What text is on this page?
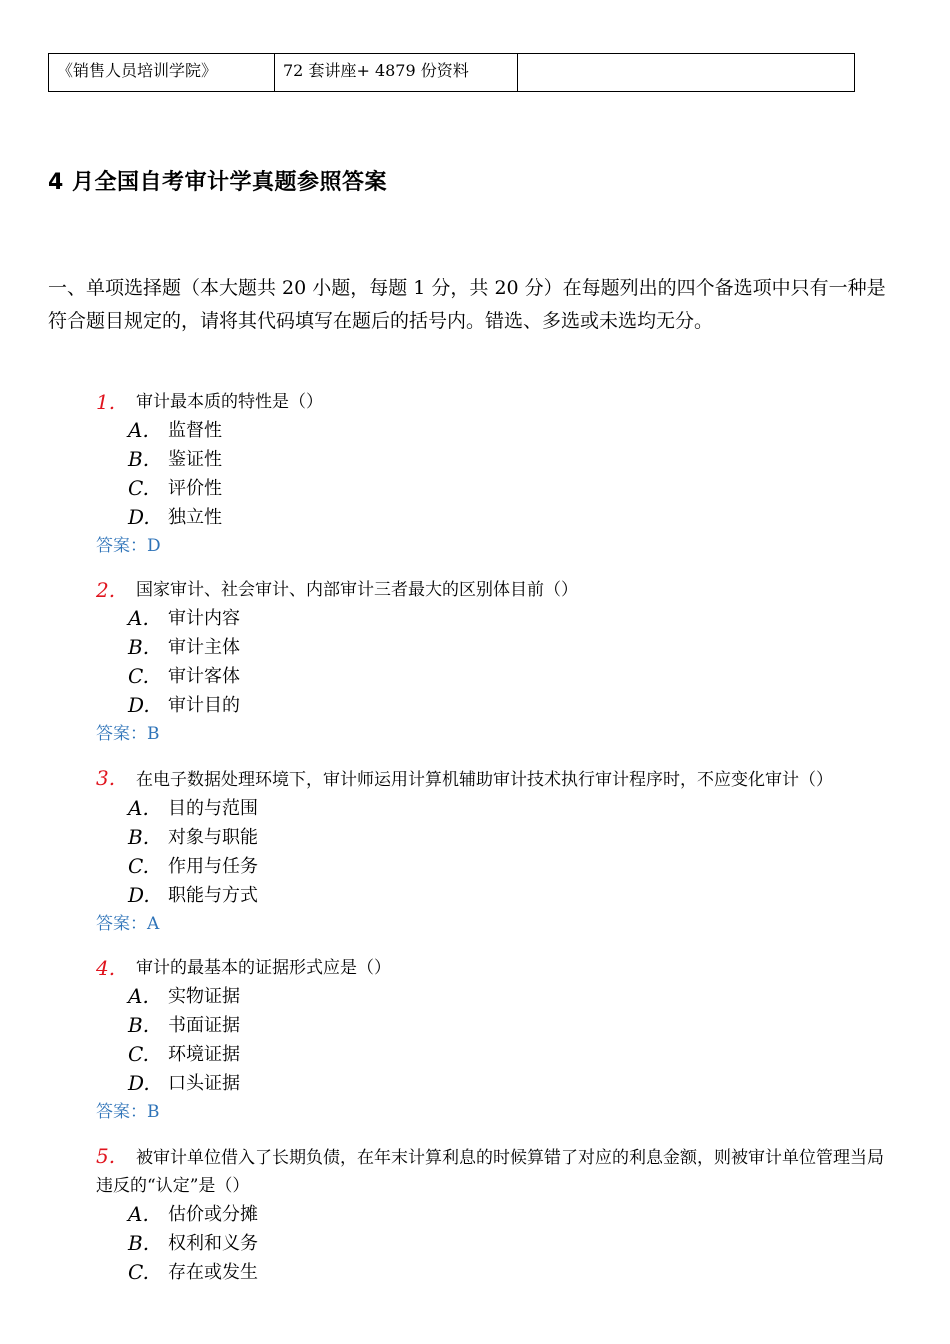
《销售人员培训学院》	72 套讲座+ 4879 份资料	
4 月全国自考审计学真题参照答案
一、单项选择题（本大题共 20 小题，每题 1 分，共 20 分）在每题列出的四个备选项中只有一种是符合题目规定的，请将其代码填写在题后的括号内。错选、多选或未选均无分。
1.	审计最本质的特性是（）
A.	监督性
B.	鉴证性
C.	评价性
D.	独立性
答案：D
2.	国家审计、社会审计、内部审计三者最大的区别体目前（）
A.	审计内容
B.	审计主体
C.	审计客体
D.	审计目的
答案：B
3. 在电子数据处理环境下，审计师运用计算机辅助审计技术执行审计程序时，不应变化审计（）
A.	目的与范围
B.	对象与职能
C.	作用与任务
D.	职能与方式
答案：A
4.	审计的最基本的证据形式应是（）
A.	实物证据
B.	书面证据
C.	环境证据
D.	口头证据
答案：B
5. 被审计单位借入了长期负债，在年末计算利息的时候算错了对应的利息金额，则被审计单位管理当局违反的“认定”是（）
A.	估价或分摊
B.	权利和义务
C.	存在或发生
